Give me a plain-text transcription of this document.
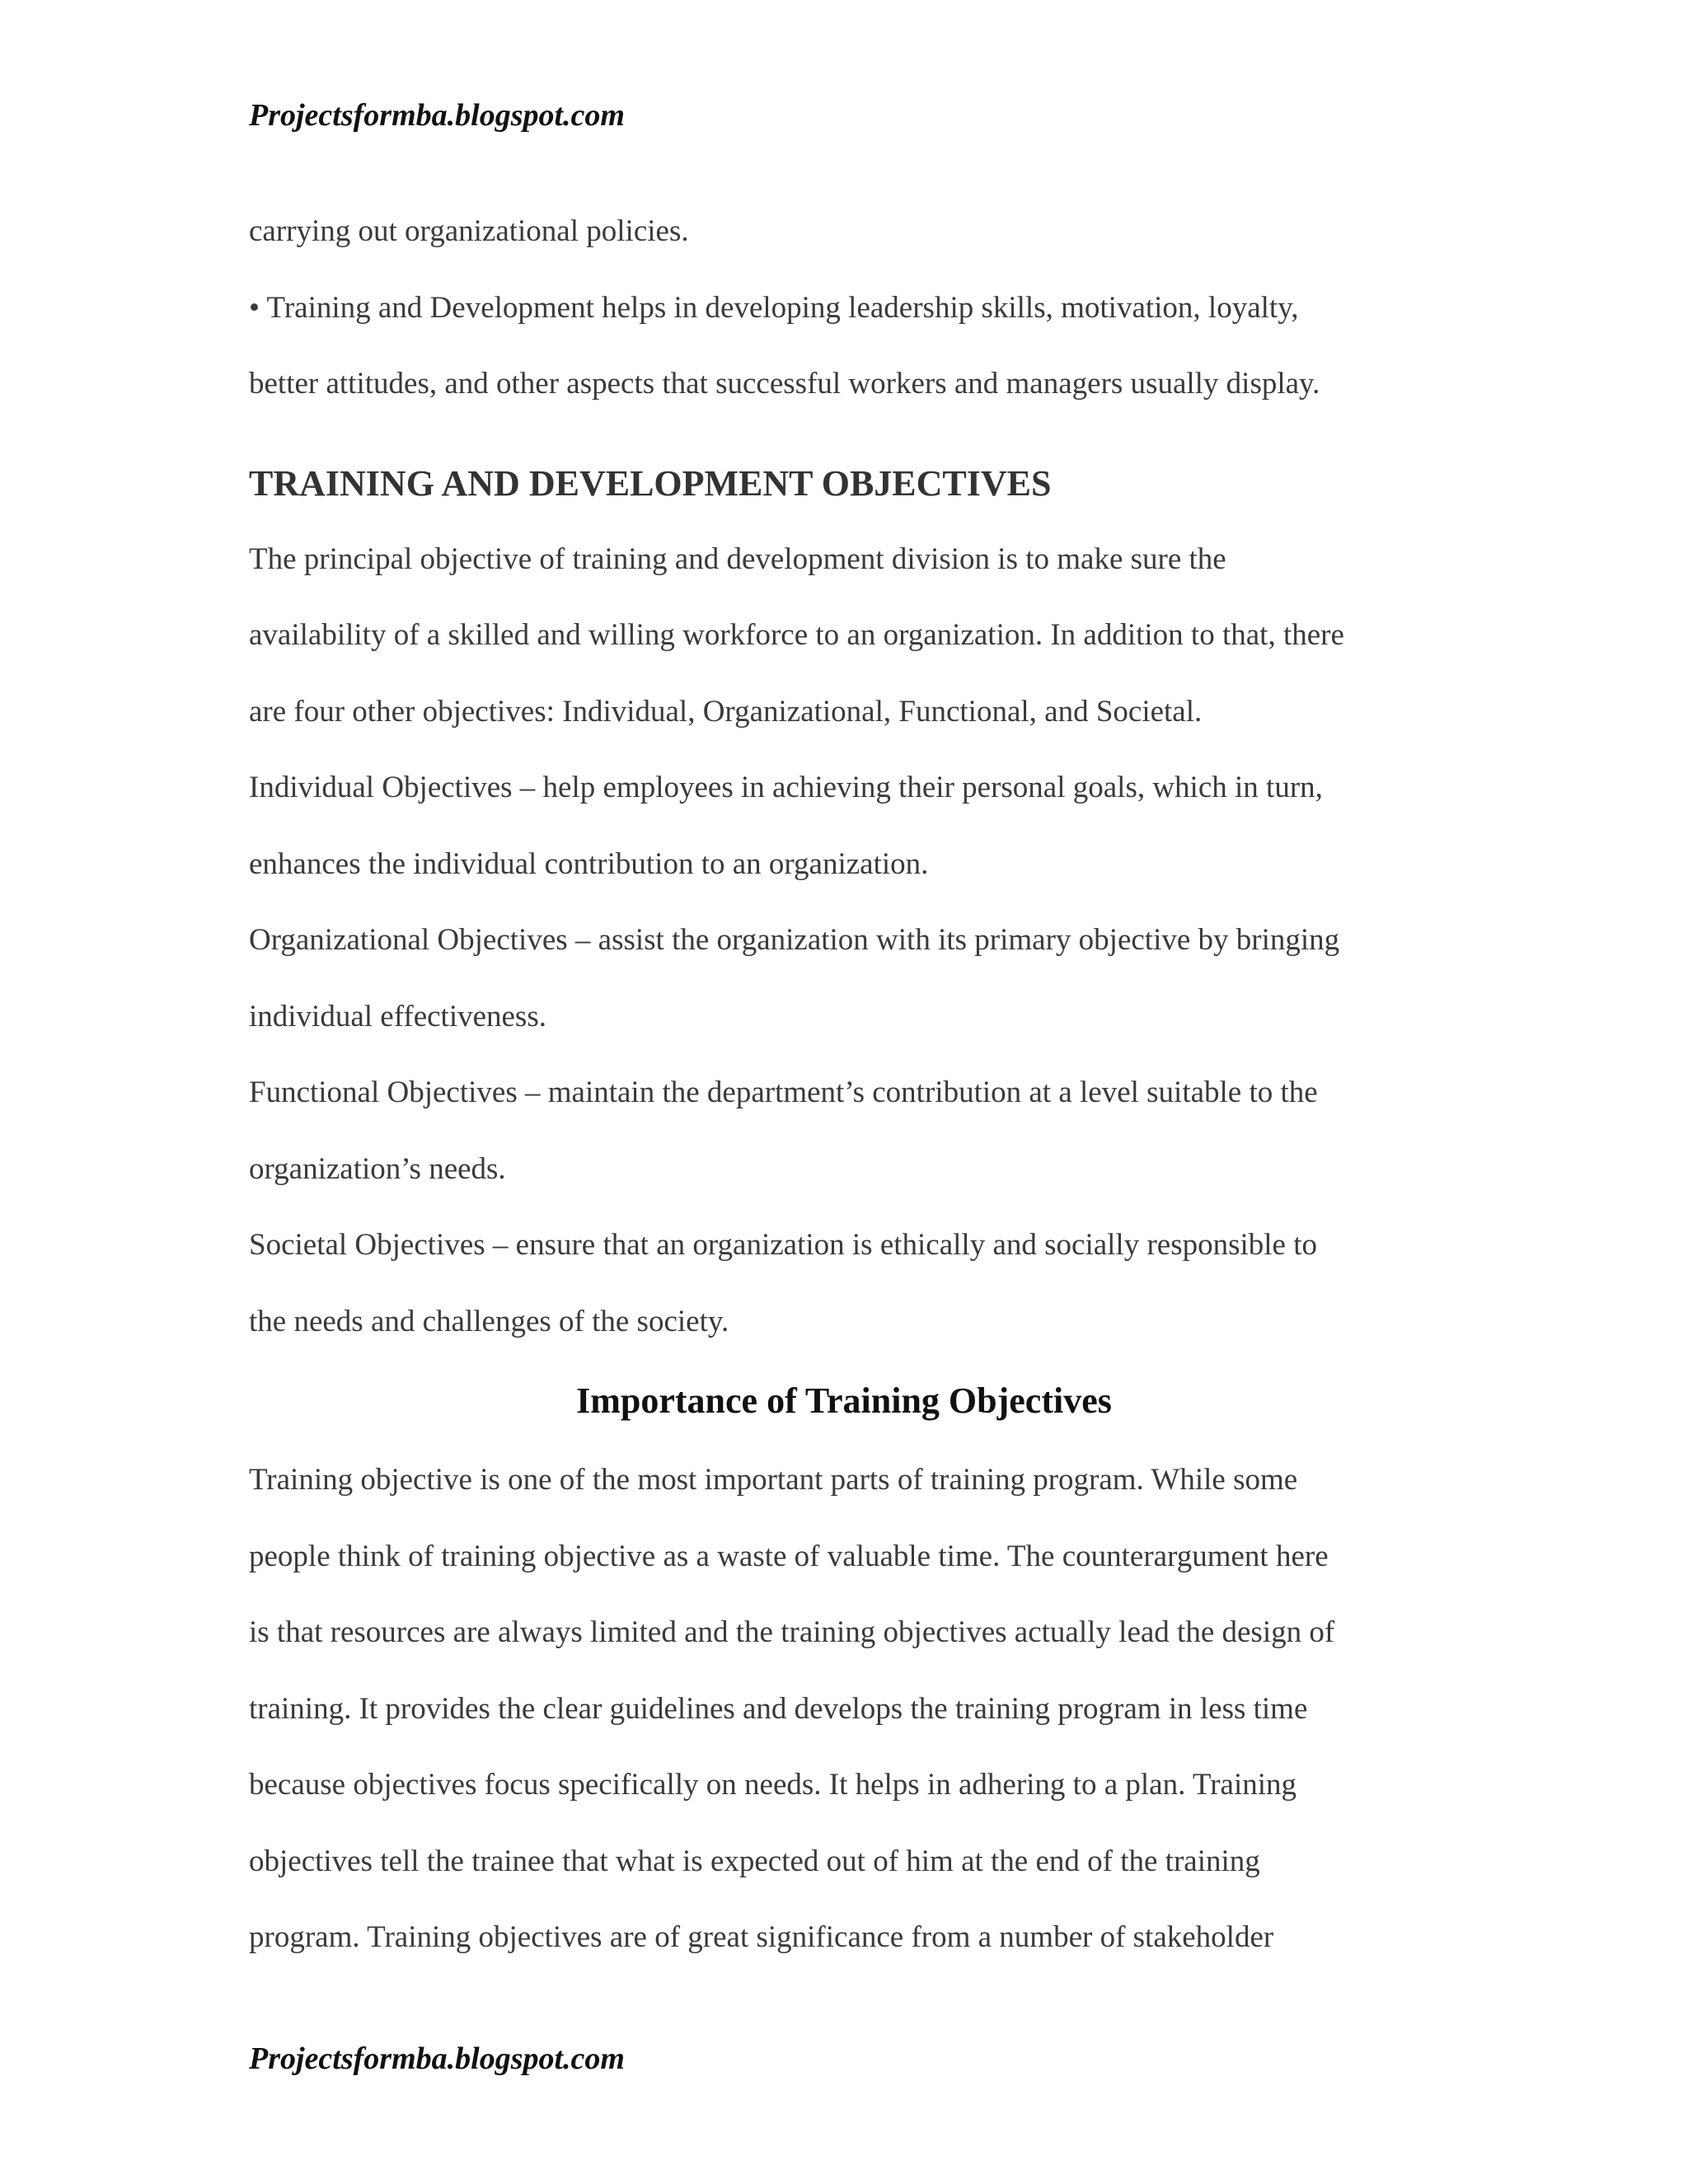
Projectsformba.blogspot.com
carrying out organizational policies.
• Training and Development helps in developing leadership skills, motivation, loyalty,
better attitudes, and other aspects that successful workers and managers usually display.
TRAINING AND DEVELOPMENT OBJECTIVES
The principal objective of training and development division is to make sure the
availability of a skilled and willing workforce to an organization. In addition to that, there
are four other objectives: Individual, Organizational, Functional, and Societal.
Individual Objectives – help employees in achieving their personal goals, which in turn,
enhances the individual contribution to an organization.
Organizational Objectives – assist the organization with its primary objective by bringing
individual effectiveness.
Functional Objectives – maintain the department’s contribution at a level suitable to the
organization’s needs.
Societal Objectives – ensure that an organization is ethically and socially responsible to
the needs and challenges of the society.
Importance of Training Objectives
Training objective is one of the most important parts of training program. While some
people think of training objective as a waste of valuable time. The counterargument here
is that resources are always limited and the training objectives actually lead the design of
training. It provides the clear guidelines and develops the training program in less time
because objectives focus specifically on needs. It helps in adhering to a plan. Training
objectives tell the trainee that what is expected out of him at the end of the training
program. Training objectives are of great significance from a number of stakeholder
Projectsformba.blogspot.com
